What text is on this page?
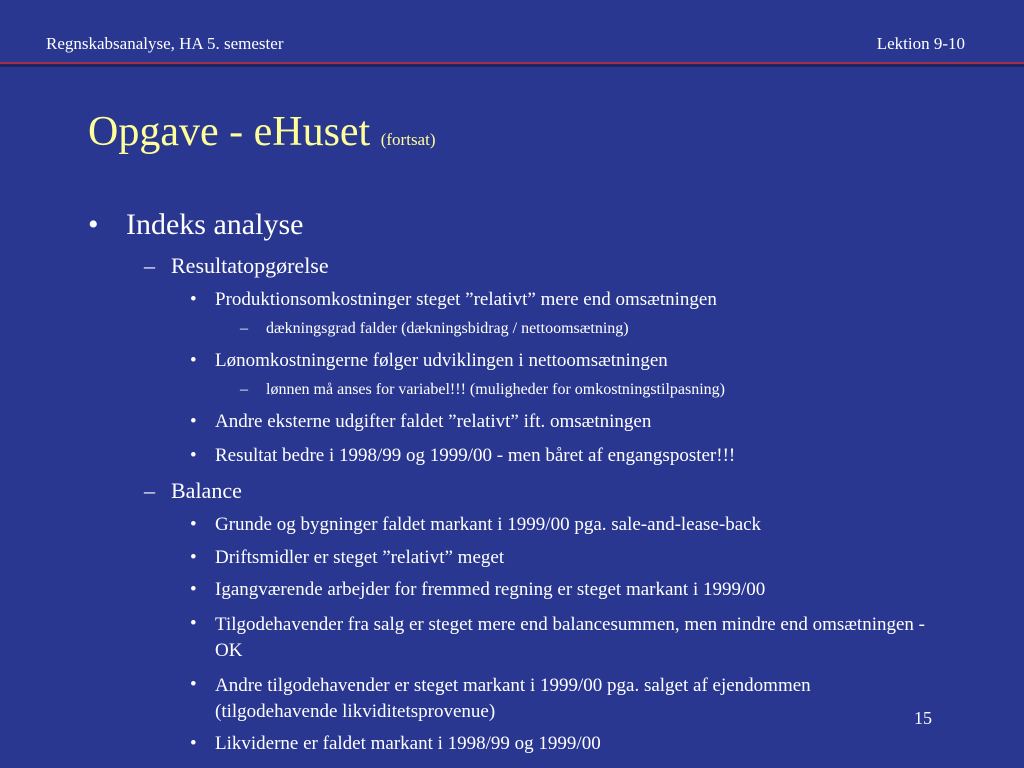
Regnskabsanalyse, HA 5. semester	Lektion 9-10
Opgave - eHuset (fortsat)
• Indeks analyse
– Resultatopgørelse
• Produktionsomkostninger steget ”relativt” mere end omsætningen
– dækningsgrad falder (dækningsbidrag / nettoomsætning)
• Lønomkostningerne følger udviklingen i nettoomsætningen
– lønnen må anses for variabel!!! (muligheder for omkostningstilpasning)
• Andre eksterne udgifter faldet ”relativt” ift. omsætningen
• Resultat bedre i 1998/99 og 1999/00 - men båret af engangsposter!!!
– Balance
• Grunde og bygninger faldet markant i 1999/00 pga. sale-and-lease-back
• Driftsmidler er steget ”relativt” meget
• Igangværende arbejder for fremmed regning er steget markant i 1999/00
• Tilgodehavender fra salg er steget mere end balancesummen, men mindre end omsætningen - OK
• Andre tilgodehavender er steget markant i 1999/00 pga. salget af ejendommen (tilgodehavende likviditetsprovenue)
• Likviderne er faldet markant i 1998/99 og 1999/00
15
